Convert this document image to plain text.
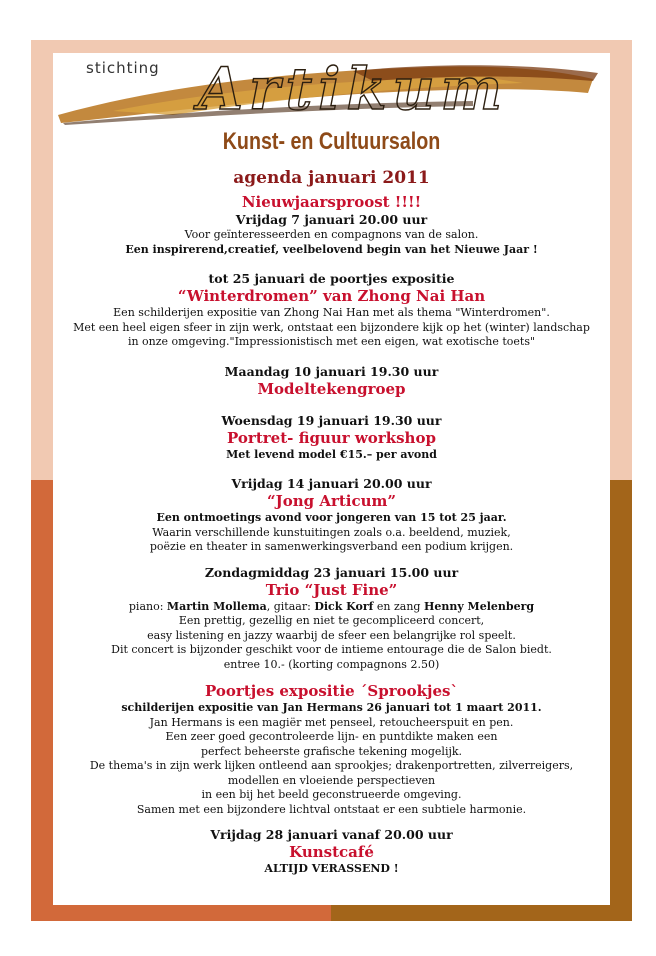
stichting Artikum
Kunst- en Cultuursalon
agenda januari 2011
Nieuwjaarsproost !!!!
Vrijdag 7 januari 20.00 uur
Voor geïnteresseerden en compagnons van de salon.
Een inspirerend,creatief, veelbelovend begin van het Nieuwe Jaar !
tot 25 januari de poortjes expositie
“Winterdromen” van Zhong Nai Han
Een schilderijen expositie van Zhong Nai Han met als thema "Winterdromen".
Met een heel eigen sfeer in zijn werk, ontstaat een bijzondere kijk op het (winter) landschap
in onze omgeving."Impressionistisch met een eigen, wat exotische toets"
Maandag 10 januari 19.30 uur
Modeltekengroep
Woensdag 19 januari 19.30 uur
Portret- figuur workshop
Met levend model €15.– per avond
Vrijdag 14 januari 20.00 uur
“Jong Articum”
Een ontmoetings avond voor jongeren van 15 tot 25 jaar.
Waarin verschillende kunstuitingen zoals o.a. beeldend, muziek,
poëzie en theater in samenwerkingsverband een podium krijgen.
Zondagmiddag 23 januari 15.00 uur
Trio “Just Fine”
piano: Martin Mollema, gitaar: Dick Korf en zang Henny Melenberg
Een prettig, gezellig en niet te gecompliceerd concert,
easy listening en jazzy waarbij de sfeer een belangrijke rol speelt.
Dit concert is bijzonder geschikt voor de intieme entourage die de Salon biedt.
entree 10.- (korting compagnons 2.50)
Poortjes expositie ´Sprookjes`
schilderijen expositie van Jan Hermans 26 januari tot 1 maart 2011.
Jan Hermans is een magiër met penseel, retoucheerspuit en pen.
Een zeer goed gecontroleerde lijn- en puntdikte maken een
perfect beheerste grafische tekening mogelijk.
De thema's in zijn werk lijken ontleend aan sprookjes; drakenportretten, zilverreigers,
modellen en vloeiende perspectieven
in een bij het beeld geconstrueerde omgeving.
Samen met een bijzondere lichtval ontstaat er een subtiele harmonie.
Vrijdag 28 januari vanaf 20.00 uur
Kunstcafé
ALTIJD VERASSEND !
